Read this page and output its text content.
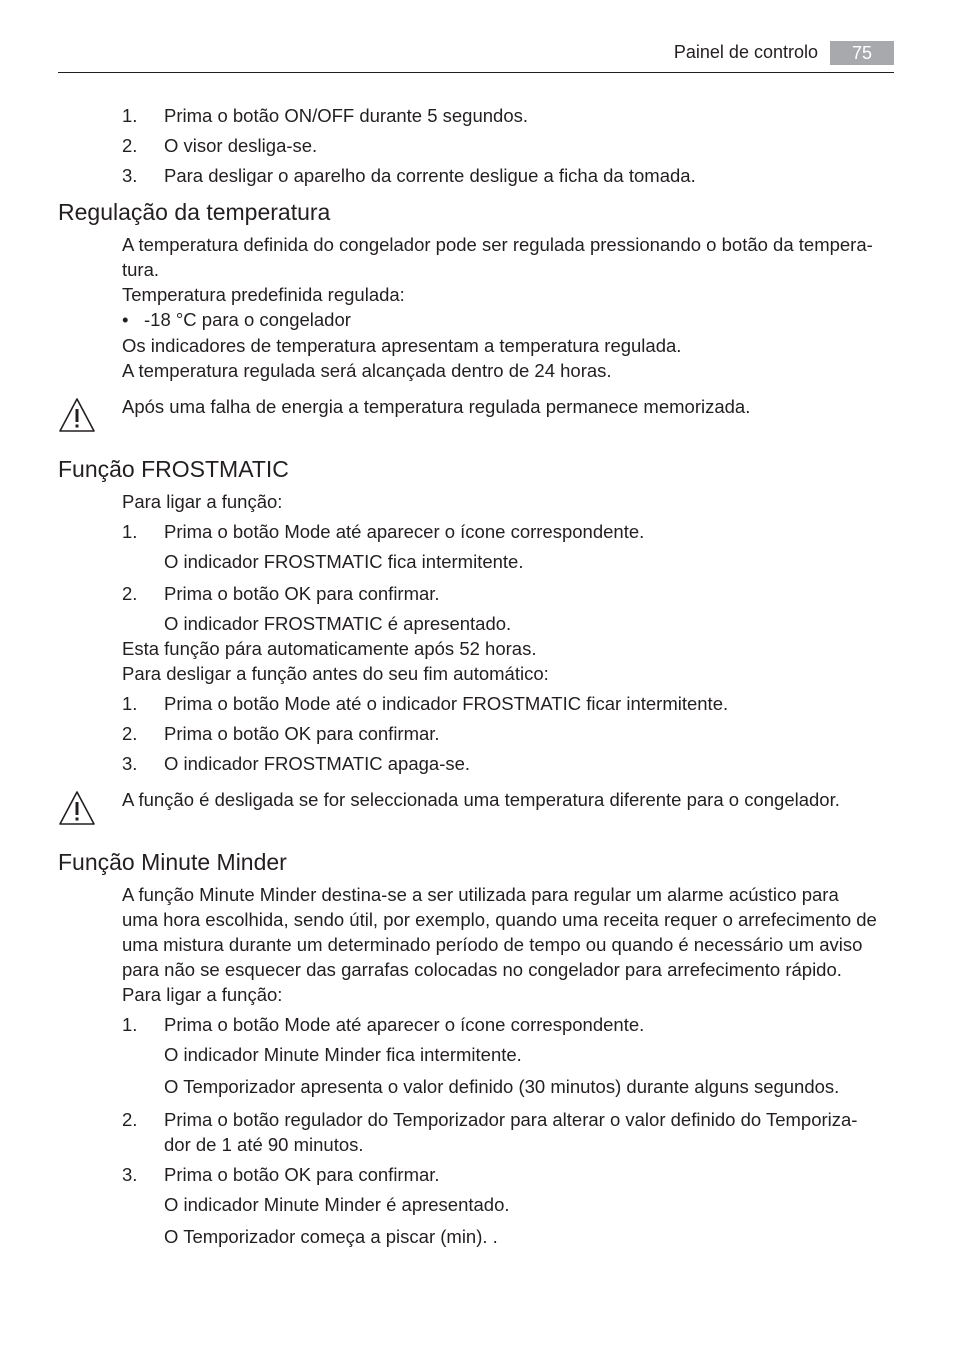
Painel de controlo	75
1. Prima o botão ON/OFF durante 5 segundos.
2. O visor desliga-se.
3. Para desligar o aparelho da corrente desligue a ficha da tomada.
Regulação da temperatura
A temperatura definida do congelador pode ser regulada pressionando o botão da tempera-
tura.
Temperatura predefinida regulada:
• -18 °C para o congelador
Os indicadores de temperatura apresentam a temperatura regulada.
A temperatura regulada será alcançada dentro de 24 horas.
Após uma falha de energia a temperatura regulada permanece memorizada.
Função FROSTMATIC
Para ligar a função:
1. Prima o botão Mode até aparecer o ícone correspondente.
O indicador FROSTMATIC fica intermitente.
2. Prima o botão OK para confirmar.
O indicador FROSTMATIC é apresentado.
Esta função pára automaticamente após 52 horas.
Para desligar a função antes do seu fim automático:
1. Prima o botão Mode até o indicador FROSTMATIC ficar intermitente.
2. Prima o botão OK para confirmar.
3. O indicador FROSTMATIC apaga-se.
A função é desligada se for seleccionada uma temperatura diferente para o congelador.
Função Minute Minder
A função Minute Minder destina-se a ser utilizada para regular um alarme acústico para
uma hora escolhida, sendo útil, por exemplo, quando uma receita requer o arrefecimento de
uma mistura durante um determinado período de tempo ou quando é necessário um aviso
para não se esquecer das garrafas colocadas no congelador para arrefecimento rápido.
Para ligar a função:
1. Prima o botão Mode até aparecer o ícone correspondente.
O indicador Minute Minder fica intermitente.
O Temporizador apresenta o valor definido (30 minutos) durante alguns segundos.
2. Prima o botão regulador do Temporizador para alterar o valor definido do Temporiza-
dor de 1 até 90 minutos.
3. Prima o botão OK para confirmar.
O indicador Minute Minder é apresentado.
O Temporizador começa a piscar (min). .
